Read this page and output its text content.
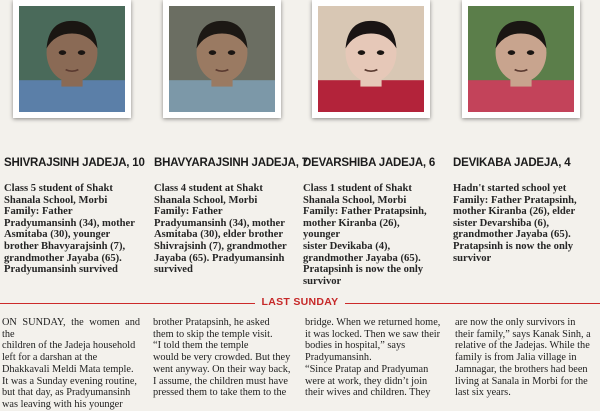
SHIVRAJSINH JADEJA, 10
Class 5 student of Shakt
Shanala School, Morbi
Family: Father
Pradyumansinh (34), mother
Asmitaba (30), younger
brother Bhavyarajsinh (7),
grandmother Jayaba (65).
Pradyumansinh survived
BHAVYARAJSINH JADEJA, 7
Class 4 student at Shakt
Shanala School, Morbi
Family: Father
Pradyumansinh (34), mother
Asmitaba (30), elder brother
Shivrajsinh (7), grandmother
Jayaba (65). Pradyumansinh
survived
DEVARSHIBA JADEJA, 6
Class 1 student of Shakt
Shanala School, Morbi
Family: Father Pratapsinh,
mother Kiranba (26), younger
sister Devikaba (4),
grandmother Jayaba (65).
Pratapsinh is now the only
survivor
DEVIKABA JADEJA, 4
Hadn't started school yet
Family: Father Pratapsinh,
mother Kiranba (26), elder
sister Devarshiba (6),
grandmother Jayaba (65).
Pratapsinh is now the only
survivor
LAST SUNDAY

ON SUNDAY, the women and the

children of the Jadeja household

left for a darshan at the

Dhakkavali Meldi Mata temple.

It was a Sunday evening routine,

but that day, as Pradyumansinh

was leaving with his younger

brother Pratapsinh, he asked

them to skip the temple visit.

“I told them the temple

would be very crowded. But they

went anyway. On their way back,

I assume, the children must have

pressed them to take them to the

bridge. When we returned home,

it was locked. Then we saw their

bodies in hospital,” says

Pradyumansinh.

“Since Pratap and Pradyuman

were at work, they didn’t join

their wives and children. They

are now the only survivors in

their family,” says Kanak Sinh, a

relative of the Jadejas. While the

family is from Jalia village in

Jamnagar, the brothers had been

living at Sanala in Morbi for the

last six years.
